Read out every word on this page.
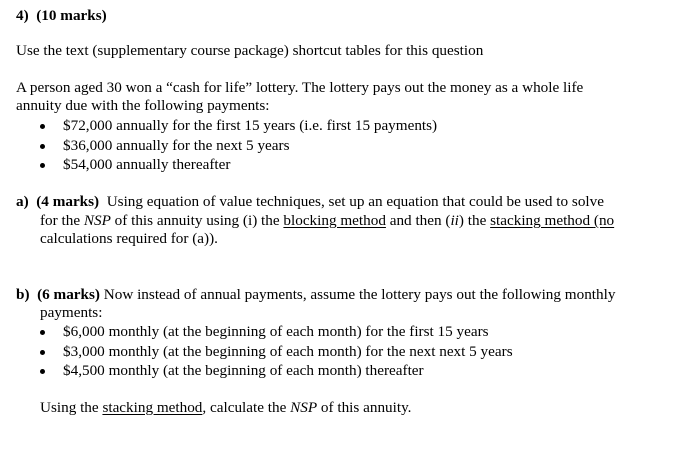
4) (10 marks)
Use the text (supplementary course package) shortcut tables for this question
A person aged 30 won a “cash for life” lottery. The lottery pays out the money as a whole life
annuity due with the following payments:
$72,000 annually for the first 15 years (i.e. first 15 payments)
$36,000 annually for the next 5 years
$54,000 annually thereafter
a) (4 marks) Using equation of value techniques, set up an equation that could be used to solve
for the NSP of this annuity using (i) the blocking method and then (ii) the stacking method (no
calculations required for (a)).
b) (6 marks) Now instead of annual payments, assume the lottery pays out the following monthly
payments:
$6,000 monthly (at the beginning of each month) for the first 15 years
$3,000 monthly (at the beginning of each month) for the next next 5 years
$4,500 monthly (at the beginning of each month) thereafter
Using the stacking method, calculate the NSP of this annuity.
